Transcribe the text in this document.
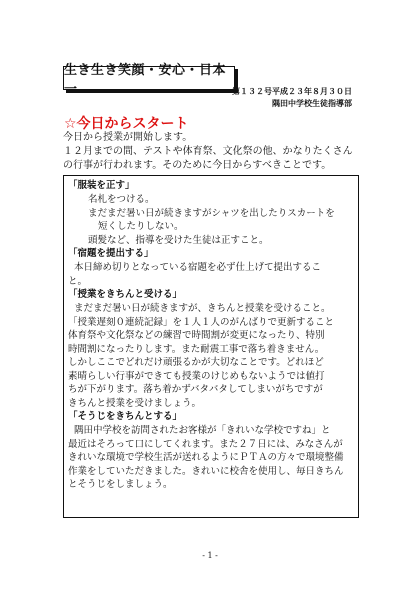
生き生き笑顔・安心・日本一	第１３２号平成２３年８月３０日
隅田中学校生徒指導部
☆今日からスタート

今日から授業が開始します。

１２月までの間、テストや体育祭、文化祭の他、かなりたくさん

の行事が行われます。そのために今日からすべきことです。

「服装を正す」

名札をつける。

まだまだ暑い日が続きますがシャツを出したりスカートを

短くしたりしない。

頭髪など、指導を受けた生徒は正すこと。

「宿題を提出する」

本日締め切りとなっている宿題を必ず仕上げて提出するこ

と。

「授業をきちんと受ける」

まだまだ暑い日が続きますが、きちんと授業を受けること。

「授業遅刻０連続記録」を１人１人のがんばりで更新すること

体育祭や文化祭などの練習で時間割が変更になったり、特別

時間割になったりします。また耐震工事で落ち着きません。

しかしここでどれだけ頑張るかが大切なことです。どれほど

素晴らしい行事ができても授業のけじめもないようでは値打

ちが下がります。落ち着かずバタバタしてしまいがちですが

きちんと授業を受けましょう。

「そうじをきちんとする」

隅田中学校を訪問されたお客様が「きれいな学校ですね」と

最近はそろって口にしてくれます。また２７日には、みなさんが

きれいな環境で学校生活が送れるようにＰＴＡの方々で環境整備

作業をしていただきました。きれいに校舎を使用し、毎日きちん

とそうじをしましょう。

- 1 -
